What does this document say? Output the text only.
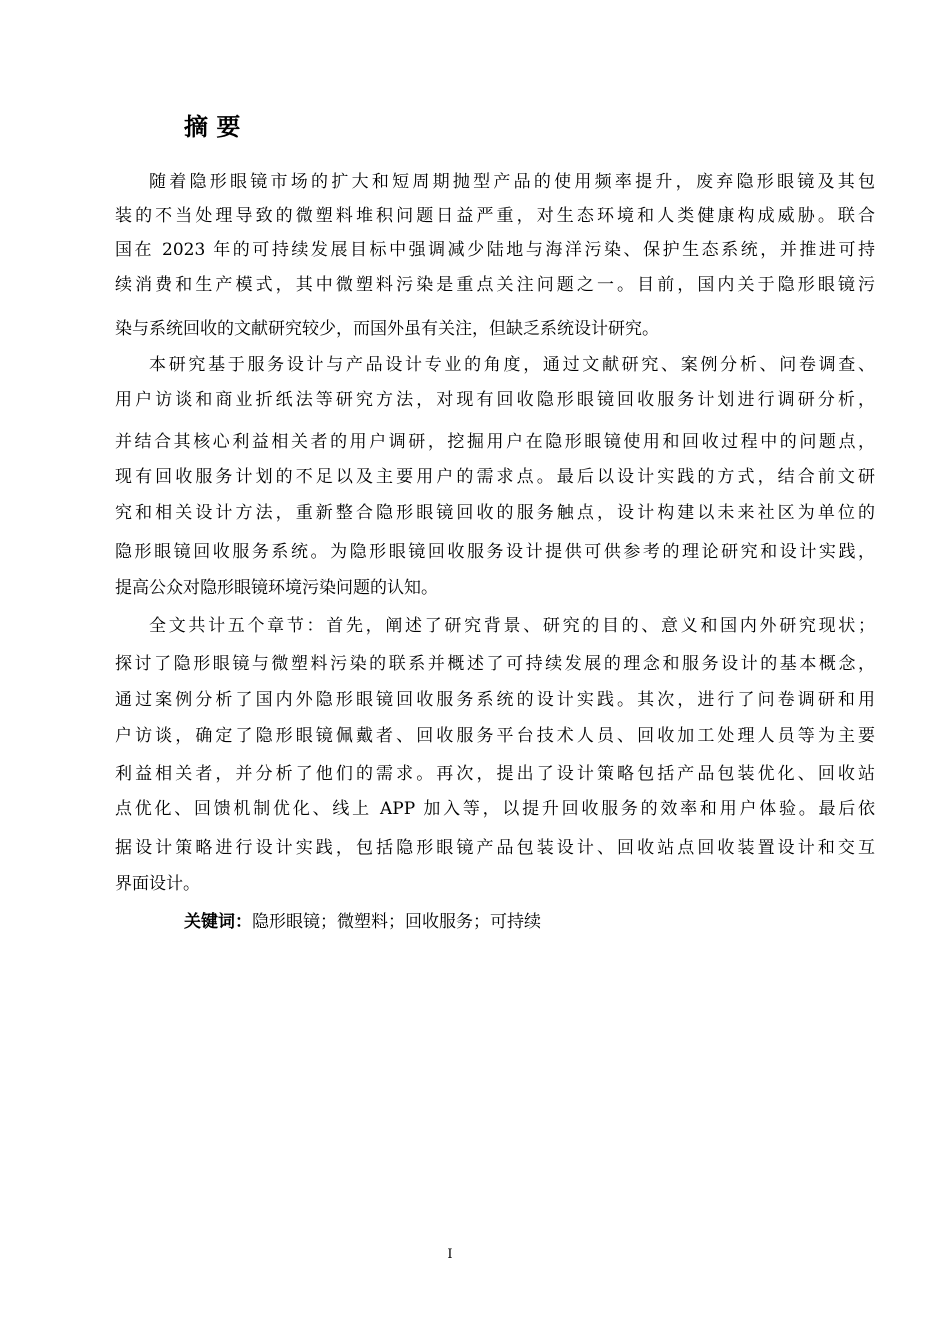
摘 要
随着隐形眼镜市场的扩大和短周期抛型产品的使用频率提升，废弃隐形眼镜及其包
装的不当处理导致的微塑料堆积问题日益严重，对生态环境和人类健康构成威胁。联合
国在 2023 年的可持续发展目标中强调减少陆地与海洋污染、保护生态系统，并推进可持
续消费和生产模式，其中微塑料污染是重点关注问题之一。目前，国内关于隐形眼镜污
染与系统回收的文献研究较少，而国外虽有关注，但缺乏系统设计研究。
本研究基于服务设计与产品设计专业的角度，通过文献研究、案例分析、问卷调查、
用户访谈和商业折纸法等研究方法，对现有回收隐形眼镜回收服务计划进行调研分析，
并结合其核心利益相关者的用户调研，挖掘用户在隐形眼镜使用和回收过程中的问题点，
现有回收服务计划的不足以及主要用户的需求点。最后以设计实践的方式，结合前文研
究和相关设计方法，重新整合隐形眼镜回收的服务触点，设计构建以未来社区为单位的
隐形眼镜回收服务系统。为隐形眼镜回收服务设计提供可供参考的理论研究和设计实践，
提高公众对隐形眼镜环境污染问题的认知。
全文共计五个章节：首先，阐述了研究背景、研究的目的、意义和国内外研究现状；
探讨了隐形眼镜与微塑料污染的联系并概述了可持续发展的理念和服务设计的基本概念，
通过案例分析了国内外隐形眼镜回收服务系统的设计实践。其次，进行了问卷调研和用
户访谈，确定了隐形眼镜佩戴者、回收服务平台技术人员、回收加工处理人员等为主要
利益相关者，并分析了他们的需求。再次，提出了设计策略包括产品包装优化、回收站
点优化、回馈机制优化、线上 APP 加入等，以提升回收服务的效率和用户体验。最后依
据设计策略进行设计实践，包括隐形眼镜产品包装设计、回收站点回收装置设计和交互
界面设计。
关键词：隐形眼镜；微塑料；回收服务；可持续
I
